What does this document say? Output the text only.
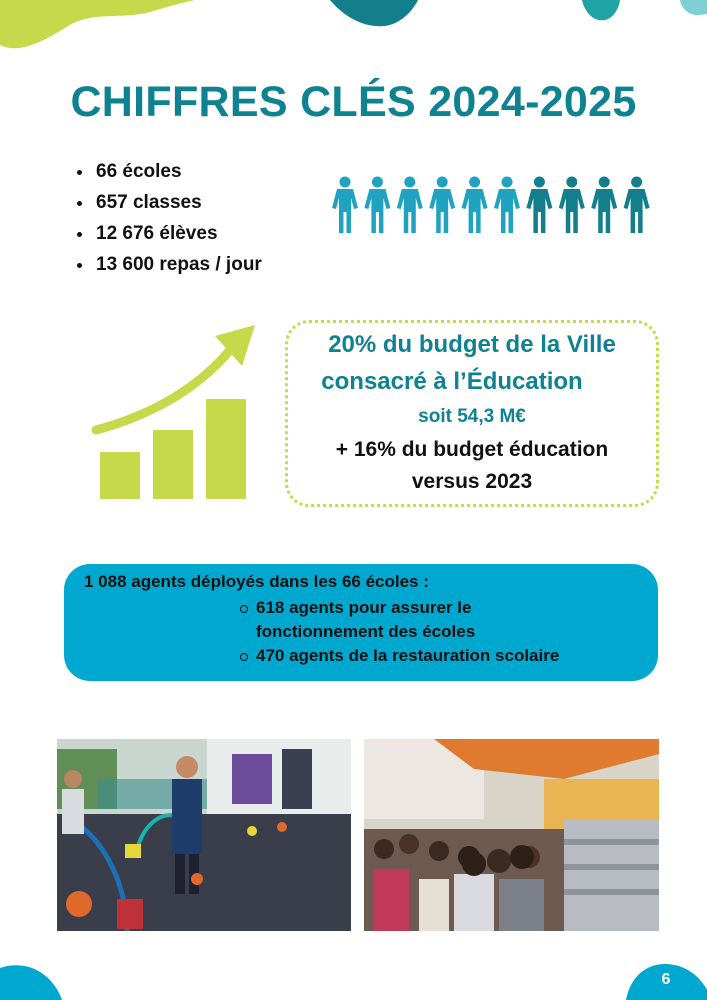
CHIFFRES CLÉS 2024-2025
66 écoles
657 classes
12 676 élèves
13 600 repas / jour
20% du budget de la Ville
consacré à l’Éducation
soit 54,3 M€
+ 16% du budget éducation
versus 2023
1 088 agents déployés dans les 66 écoles :
618 agents pour assurer le fonctionnement des écoles
470 agents de la restauration scolaire
6
